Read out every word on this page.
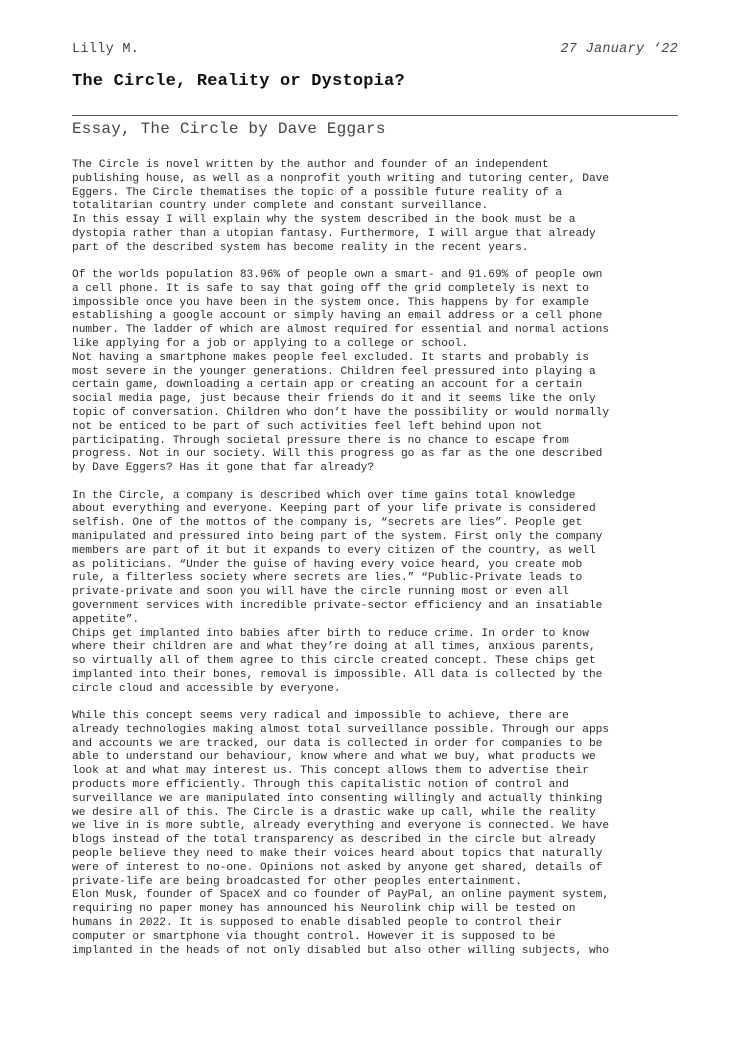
Lilly M.	27 January ‘22
The Circle, Reality or Dystopia?
Essay, The Circle by Dave Eggars
The Circle is novel written by the author and founder of an independent
publishing house, as well as a nonprofit youth writing and tutoring center, Dave
Eggers. The Circle thematises the topic of a possible future reality of a
totalitarian country under complete and constant surveillance.
In this essay I will explain why the system described in the book must be a
dystopia rather than a utopian fantasy. Furthermore, I will argue that already
part of the described system has become reality in the recent years.
Of the worlds population 83.96% of people own a smart- and 91.69% of people own
a cell phone. It is safe to say that going off the grid completely is next to
impossible once you have been in the system once. This happens by for example
establishing a google account or simply having an email address or a cell phone
number. The ladder of which are almost required for essential and normal actions
like applying for a job or applying to a college or school.
Not having a smartphone makes people feel excluded. It starts and probably is
most severe in the younger generations. Children feel pressured into playing a
certain game, downloading a certain app or creating an account for a certain
social media page, just because their friends do it and it seems like the only
topic of conversation. Children who don’t have the possibility or would normally
not be enticed to be part of such activities feel left behind upon not
participating. Through societal pressure there is no chance to escape from
progress. Not in our society. Will this progress go as far as the one described
by Dave Eggers? Has it gone that far already?
In the Circle, a company is described which over time gains total knowledge
about everything and everyone. Keeping part of your life private is considered
selfish. One of the mottos of the company is, “secrets are lies”. People get
manipulated and pressured into being part of the system. First only the company
members are part of it but it expands to every citizen of the country, as well
as politicians. “Under the guise of having every voice heard, you create mob
rule, a filterless society where secrets are lies.” “Public-Private leads to
private-private and soon you will have the circle running most or even all
government services with incredible private-sector efficiency and an insatiable
appetite”.
Chips get implanted into babies after birth to reduce crime. In order to know
where their children are and what they’re doing at all times, anxious parents,
so virtually all of them agree to this circle created concept. These chips get
implanted into their bones, removal is impossible. All data is collected by the
circle cloud and accessible by everyone.
While this concept seems very radical and impossible to achieve, there are
already technologies making almost total surveillance possible. Through our apps
and accounts we are tracked, our data is collected in order for companies to be
able to understand our behaviour, know where and what we buy, what products we
look at and what may interest us. This concept allows them to advertise their
products more efficiently. Through this capitalistic notion of control and
surveillance we are manipulated into consenting willingly and actually thinking
we desire all of this. The Circle is a drastic wake up call, while the reality
we live in is more subtle, already everything and everyone is connected. We have
blogs instead of the total transparency as described in the circle but already
people believe they need to make their voices heard about topics that naturally
were of interest to no-one. Opinions not asked by anyone get shared, details of
private-life are being broadcasted for other peoples entertainment.
Elon Musk, founder of SpaceX and co founder of PayPal, an online payment system,
requiring no paper money has announced his Neurolink chip will be tested on
humans in 2022. It is supposed to enable disabled people to control their
computer or smartphone via thought control. However it is supposed to be
implanted in the heads of not only disabled but also other willing subjects, who
